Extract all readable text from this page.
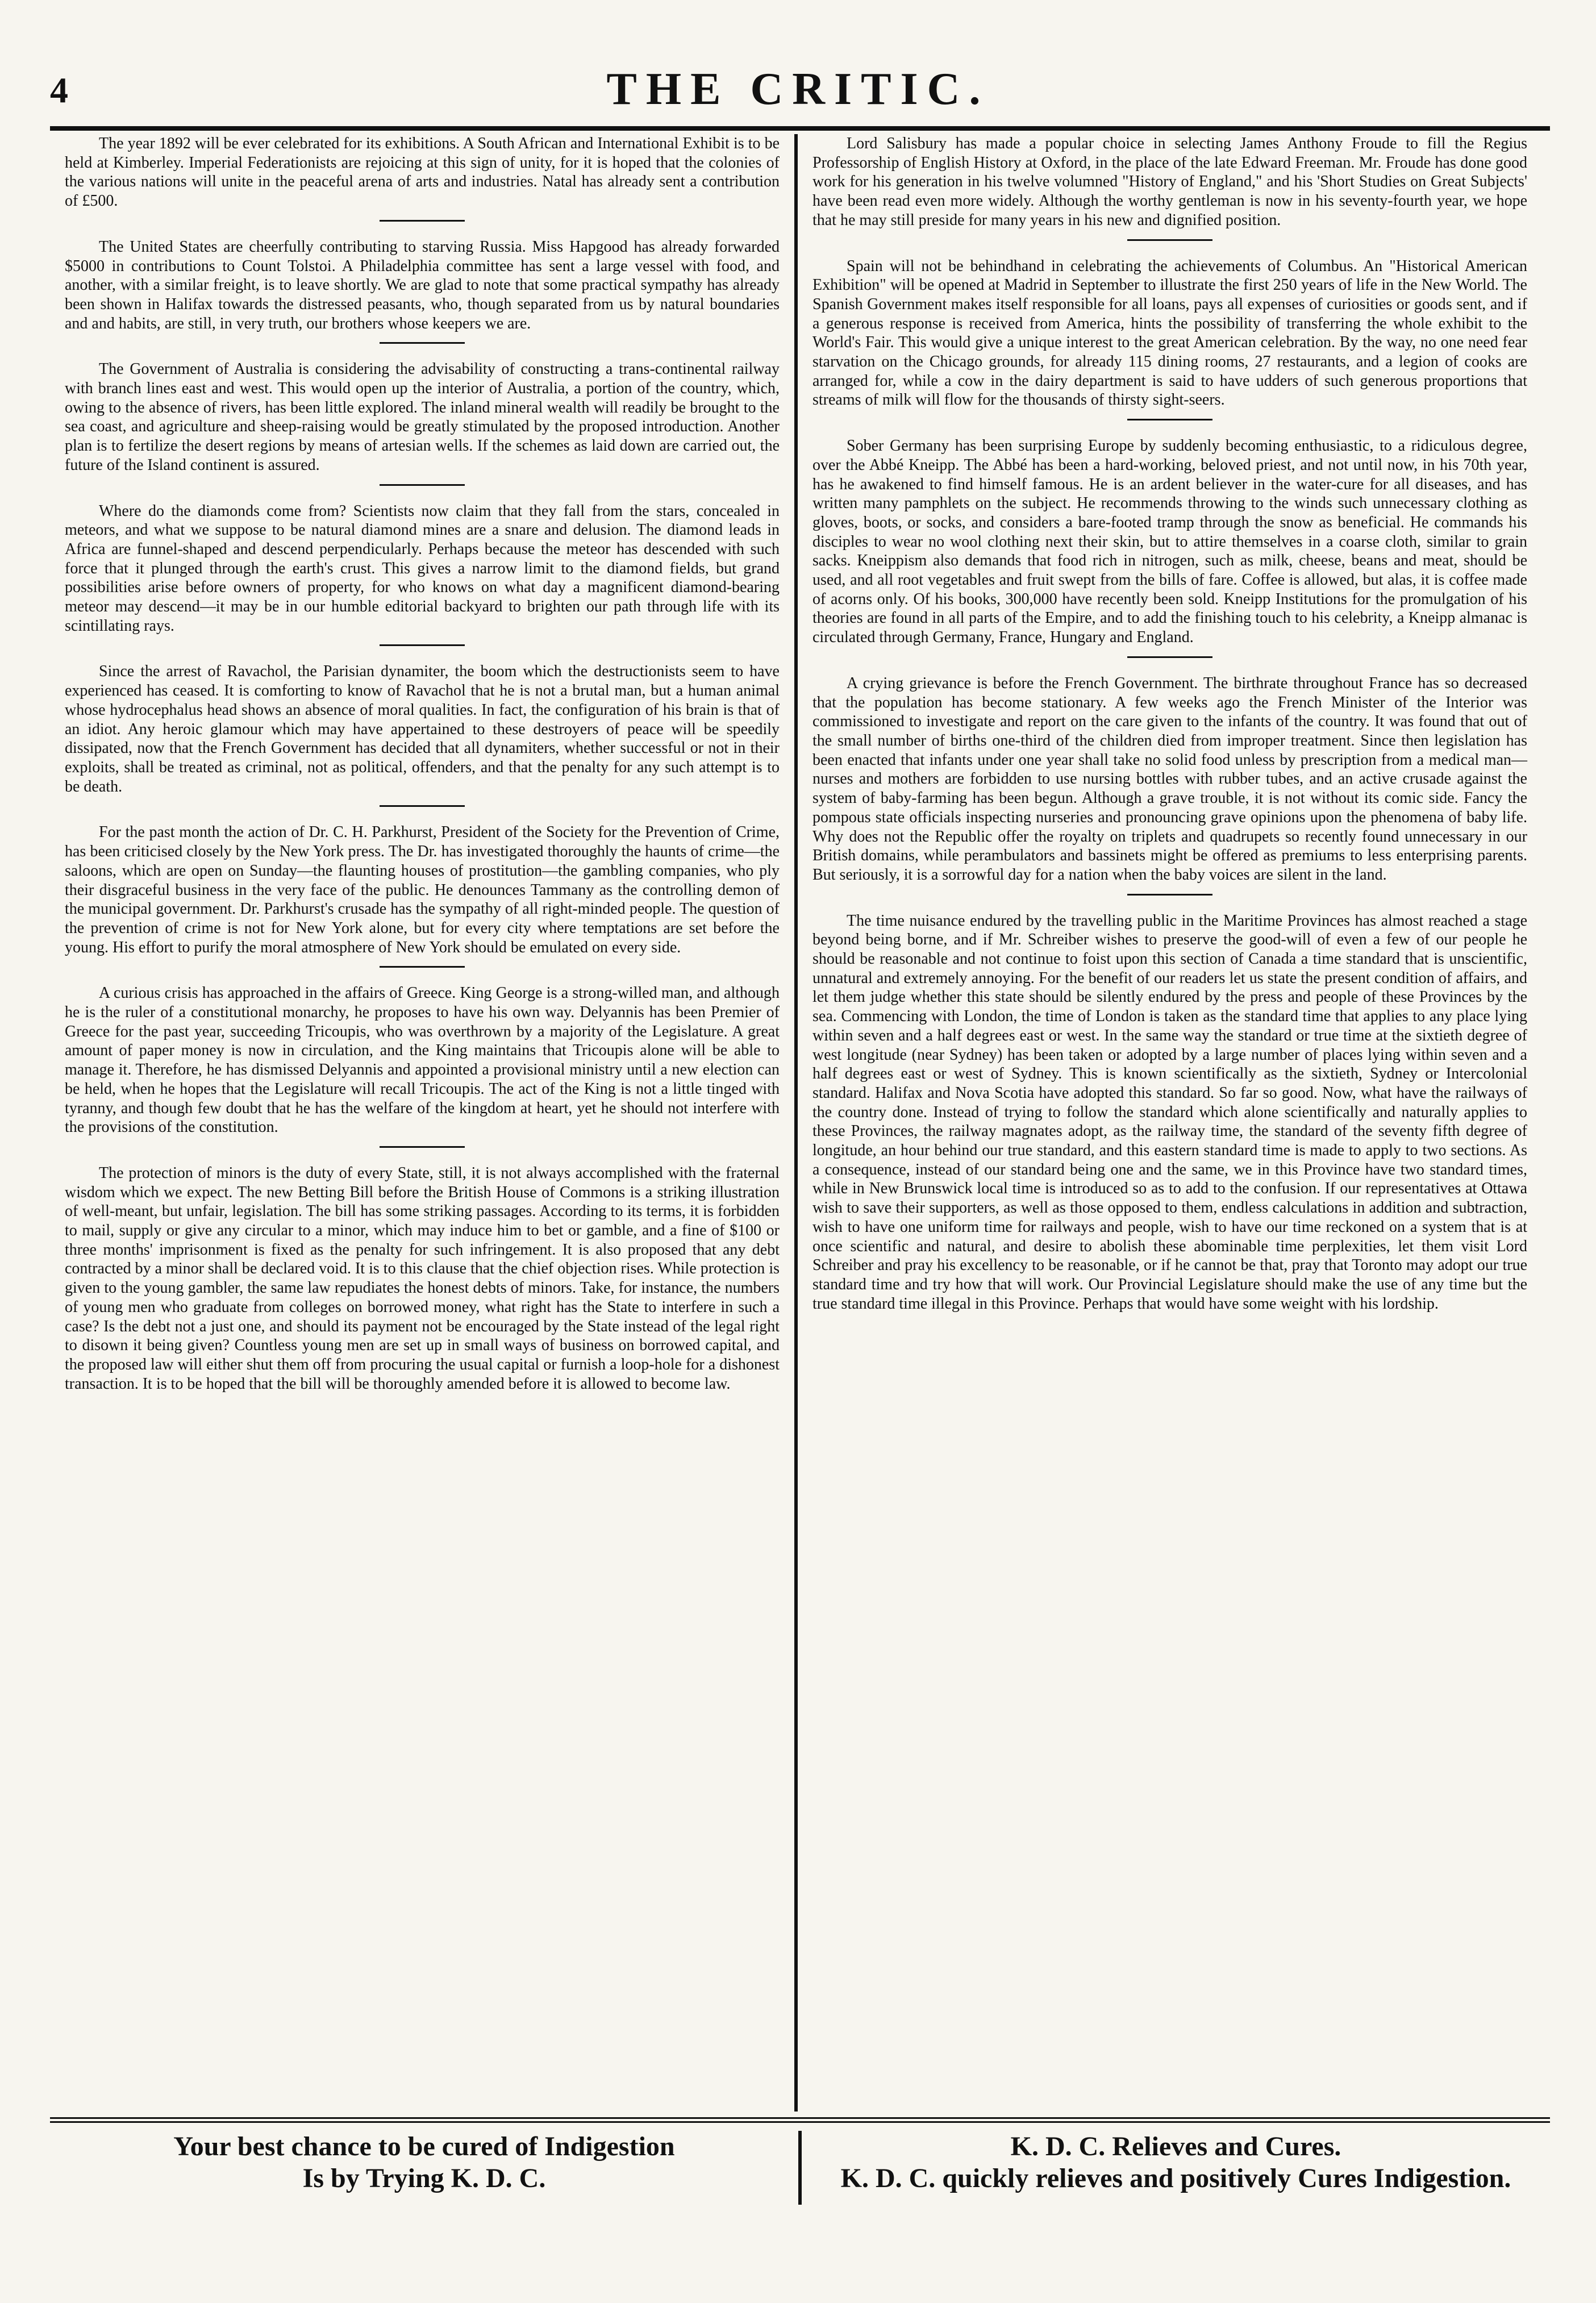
4	THE CRITIC.

The year 1892 will be ever celebrated for its exhibitions. A South African and International Exhibit is to be held at Kimberley. Imperial Federationists are rejoicing at this sign of unity, for it is hoped that the colonies of the various nations will unite in the peaceful arena of arts and industries. Natal has already sent a contribution of £500.

The United States are cheerfully contributing to starving Russia. Miss Hapgood has already forwarded $5000 in contributions to Count Tolstoi. A Philadelphia committee has sent a large vessel with food, and another, with a similar freight, is to leave shortly. We are glad to note that some practical sympathy has already been shown in Halifax towards the distressed peasants, who, though separated from us by natural boundaries and and habits, are still, in very truth, our brothers whose keepers we are.

The Government of Australia is considering the advisability of constructing a trans-continental railway with branch lines east and west. This would open up the interior of Australia, a portion of the country, which, owing to the absence of rivers, has been little explored. The inland mineral wealth will readily be brought to the sea coast, and agriculture and sheep-raising would be greatly stimulated by the proposed introduction. Another plan is to fertilize the desert regions by means of artesian wells. If the schemes as laid down are carried out, the future of the Island continent is assured.

Where do the diamonds come from? Scientists now claim that they fall from the stars, concealed in meteors, and what we suppose to be natural diamond mines are a snare and delusion. The diamond leads in Africa are funnel-shaped and descend perpendicularly. Perhaps because the meteor has descended with such force that it plunged through the earth's crust. This gives a narrow limit to the diamond fields, but grand possibilities arise before owners of property, for who knows on what day a magnificent diamond-bearing meteor may descend—it may be in our humble editorial backyard to brighten our path through life with its scintillating rays.

Since the arrest of Ravachol, the Parisian dynamiter, the boom which the destructionists seem to have experienced has ceased. It is comforting to know of Ravachol that he is not a brutal man, but a human animal whose hydrocephalus head shows an absence of moral qualities. In fact, the configuration of his brain is that of an idiot. Any heroic glamour which may have appertained to these destroyers of peace will be speedily dissipated, now that the French Government has decided that all dynamiters, whether successful or not in their exploits, shall be treated as criminal, not as political, offenders, and that the penalty for any such attempt is to be death.

For the past month the action of Dr. C. H. Parkhurst, President of the Society for the Prevention of Crime, has been criticised closely by the New York press. The Dr. has investigated thoroughly the haunts of crime—the saloons, which are open on Sunday—the flaunting houses of prostitution—the gambling companies, who ply their disgraceful business in the very face of the public. He denounces Tammany as the controlling demon of the municipal government. Dr. Parkhurst's crusade has the sympathy of all right-minded people. The question of the prevention of crime is not for New York alone, but for every city where temptations are set before the young. His effort to purify the moral atmosphere of New York should be emulated on every side.

A curious crisis has approached in the affairs of Greece. King George is a strong-willed man, and although he is the ruler of a constitutional monarchy, he proposes to have his own way. Delyannis has been Premier of Greece for the past year, succeeding Tricoupis, who was overthrown by a majority of the Legislature. A great amount of paper money is now in circulation, and the King maintains that Tricoupis alone will be able to manage it. Therefore, he has dismissed Delyannis and appointed a provisional ministry until a new election can be held, when he hopes that the Legislature will recall Tricoupis. The act of the King is not a little tinged with tyranny, and though few doubt that he has the welfare of the kingdom at heart, yet he should not interfere with the provisions of the constitution.

The protection of minors is the duty of every State, still, it is not always accomplished with the fraternal wisdom which we expect. The new Betting Bill before the British House of Commons is a striking illustration of well-meant, but unfair, legislation. The bill has some striking passages. According to its terms, it is forbidden to mail, supply or give any circular to a minor, which may induce him to bet or gamble, and a fine of $100 or three months' imprisonment is fixed as the penalty for such infringement. It is also proposed that any debt contracted by a minor shall be declared void. It is to this clause that the chief objection rises. While protection is given to the young gambler, the same law repudiates the honest debts of minors. Take, for instance, the numbers of young men who graduate from colleges on borrowed money, what right has the State to interfere in such a case? Is the debt not a just one, and should its payment not be encouraged by the State instead of the legal right to disown it being given? Countless young men are set up in small ways of business on borrowed capital, and the proposed law will either shut them off from procuring the usual capital or furnish a loop-hole for a dishonest transaction. It is to be hoped that the bill will be thoroughly amended before it is allowed to become law.

Lord Salisbury has made a popular choice in selecting James Anthony Froude to fill the Regius Professorship of English History at Oxford, in the place of the late Edward Freeman. Mr. Froude has done good work for his generation in his twelve volumned "History of England," and his 'Short Studies on Great Subjects' have been read even more widely. Although the worthy gentleman is now in his seventy-fourth year, we hope that he may still preside for many years in his new and dignified position.

Spain will not be behindhand in celebrating the achievements of Columbus. An "Historical American Exhibition" will be opened at Madrid in September to illustrate the first 250 years of life in the New World. The Spanish Government makes itself responsible for all loans, pays all expenses of curiosities or goods sent, and if a generous response is received from America, hints the possibility of transferring the whole exhibit to the World's Fair. This would give a unique interest to the great American celebration. By the way, no one need fear starvation on the Chicago grounds, for already 115 dining rooms, 27 restaurants, and a legion of cooks are arranged for, while a cow in the dairy department is said to have udders of such generous proportions that streams of milk will flow for the thousands of thirsty sight-seers.

Sober Germany has been surprising Europe by suddenly becoming enthusiastic, to a ridiculous degree, over the Abbé Kneipp. The Abbé has been a hard-working, beloved priest, and not until now, in his 70th year, has he awakened to find himself famous. He is an ardent believer in the water-cure for all diseases, and has written many pamphlets on the subject. He recommends throwing to the winds such unnecessary clothing as gloves, boots, or socks, and considers a bare-footed tramp through the snow as beneficial. He commands his disciples to wear no wool clothing next their skin, but to attire themselves in a coarse cloth, similar to grain sacks. Kneippism also demands that food rich in nitrogen, such as milk, cheese, beans and meat, should be used, and all root vegetables and fruit swept from the bills of fare. Coffee is allowed, but alas, it is coffee made of acorns only. Of his books, 300,000 have recently been sold. Kneipp Institutions for the promulgation of his theories are found in all parts of the Empire, and to add the finishing touch to his celebrity, a Kneipp almanac is circulated through Germany, France, Hungary and England.

A crying grievance is before the French Government. The birthrate throughout France has so decreased that the population has become stationary. A few weeks ago the French Minister of the Interior was commissioned to investigate and report on the care given to the infants of the country. It was found that out of the small number of births one-third of the children died from improper treatment. Since then legislation has been enacted that infants under one year shall take no solid food unless by prescription from a medical man—nurses and mothers are forbidden to use nursing bottles with rubber tubes, and an active crusade against the system of baby-farming has been begun. Although a grave trouble, it is not without its comic side. Fancy the pompous state officials inspecting nurseries and pronouncing grave opinions upon the phenomena of baby life. Why does not the Republic offer the royalty on triplets and quadrupets so recently found unnecessary in our British domains, while perambulators and bassinets might be offered as premiums to less enterprising parents. But seriously, it is a sorrowful day for a nation when the baby voices are silent in the land.

The time nuisance endured by the travelling public in the Maritime Provinces has almost reached a stage beyond being borne, and if Mr. Schreiber wishes to preserve the good-will of even a few of our people he should be reasonable and not continue to foist upon this section of Canada a time standard that is unscientific, unnatural and extremely annoying. For the benefit of our readers let us state the present condition of affairs, and let them judge whether this state should be silently endured by the press and people of these Provinces by the sea. Commencing with London, the time of London is taken as the standard time that applies to any place lying within seven and a half degrees east or west. In the same way the standard or true time at the sixtieth degree of west longitude (near Sydney) has been taken or adopted by a large number of places lying within seven and a half degrees east or west of Sydney. This is known scientifically as the sixtieth, Sydney or Intercolonial standard. Halifax and Nova Scotia have adopted this standard. So far so good. Now, what have the railways of the country done. Instead of trying to follow the standard which alone scientifically and naturally applies to these Provinces, the railway magnates adopt, as the railway time, the standard of the seventy fifth degree of longitude, an hour behind our true standard, and this eastern standard time is made to apply to two sections. As a consequence, instead of our standard being one and the same, we in this Province have two standard times, while in New Brunswick local time is introduced so as to add to the confusion. If our representatives at Ottawa wish to save their supporters, as well as those opposed to them, endless calculations in addition and subtraction, wish to have one uniform time for railways and people, wish to have our time reckoned on a system that is at once scientific and natural, and desire to abolish these abominable time perplexities, let them visit Lord Schreiber and pray his excellency to be reasonable, or if he cannot be that, pray that Toronto may adopt our true standard time and try how that will work. Our Provincial Legislature should make the use of any time but the true standard time illegal in this Province. Perhaps that would have some weight with his lordship.

Your best chance to be cured of Indigestion
Is by Trying K. D. C.
K. D. C. Relieves and Cures.
K. D. C. quickly relieves and positively Cures Indigestion.
